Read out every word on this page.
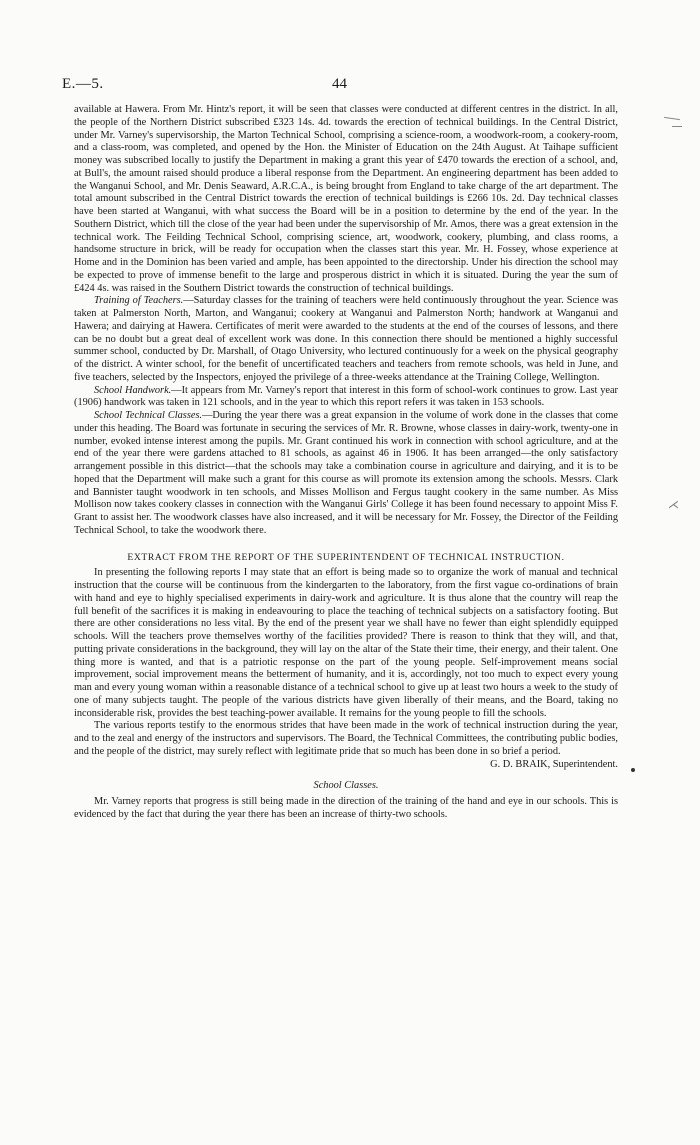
E.—5.	44

available at Hawera. From Mr. Hintz's report, it will be seen that classes were conducted at different centres in the district. In all, the people of the Northern District subscribed £323 14s. 4d. towards the erection of technical buildings. In the Central District, under Mr. Varney's supervisorship, the Marton Technical School, comprising a science-room, a woodwork-room, a cookery-room, and a class-room, was completed, and opened by the Hon. the Minister of Education on the 24th August. At Taihape sufficient money was subscribed locally to justify the Department in making a grant this year of £470 towards the erection of a school, and, at Bull's, the amount raised should produce a liberal response from the Department. An engineering department has been added to the Wanganui School, and Mr. Denis Seaward, A.R.C.A., is being brought from England to take charge of the art department. The total amount subscribed in the Central District towards the erection of technical buildings is £266 10s. 2d. Day technical classes have been started at Wanganui, with what success the Board will be in a position to determine by the end of the year. In the Southern District, which till the close of the year had been under the supervisorship of Mr. Amos, there was a great extension in the technical work. The Feilding Technical School, comprising science, art, woodwork, cookery, plumbing, and class rooms, a handsome structure in brick, will be ready for occupation when the classes start this year. Mr. H. Fossey, whose experience at Home and in the Dominion has been varied and ample, has been appointed to the directorship. Under his direction the school may be expected to prove of immense benefit to the large and prosperous district in which it is situated. During the year the sum of £424 4s. was raised in the Southern District towards the construction of technical buildings.

Training of Teachers.—Saturday classes for the training of teachers were held continuously throughout the year. Science was taken at Palmerston North, Marton, and Wanganui; cookery at Wanganui and Palmerston North; handwork at Wanganui and Hawera; and dairying at Hawera. Certificates of merit were awarded to the students at the end of the courses of lessons, and there can be no doubt but a great deal of excellent work was done. In this connection there should be mentioned a highly successful summer school, conducted by Dr. Marshall, of Otago University, who lectured continuously for a week on the physical geography of the district. A winter school, for the benefit of uncertificated teachers and teachers from remote schools, was held in June, and five teachers, selected by the Inspectors, enjoyed the privilege of a three-weeks attendance at the Training College, Wellington.

School Handwork.—It appears from Mr. Varney's report that interest in this form of school-work continues to grow. Last year (1906) handwork was taken in 121 schools, and in the year to which this report refers it was taken in 153 schools.

School Technical Classes.—During the year there was a great expansion in the volume of work done in the classes that come under this heading. The Board was fortunate in securing the services of Mr. R. Browne, whose classes in dairy-work, twenty-one in number, evoked intense interest among the pupils. Mr. Grant continued his work in connection with school agriculture, and at the end of the year there were gardens attached to 81 schools, as against 46 in 1906. It has been arranged—the only satisfactory arrangement possible in this district—that the schools may take a combination course in agriculture and dairying, and it is to be hoped that the Department will make such a grant for this course as will promote its extension among the schools. Messrs. Clark and Bannister taught woodwork in ten schools, and Misses Mollison and Fergus taught cookery in the same number. As Miss Mollison now takes cookery classes in connection with the Wanganui Girls' College it has been found necessary to appoint Miss F. Grant to assist her. The woodwork classes have also increased, and it will be necessary for Mr. Fossey, the Director of the Feilding Technical School, to take the woodwork there.

EXTRACT FROM THE REPORT OF THE SUPERINTENDENT OF TECHNICAL INSTRUCTION.

In presenting the following reports I may state that an effort is being made so to organize the work of manual and technical instruction that the course will be continuous from the kindergarten to the laboratory, from the first vague co-ordinations of brain with hand and eye to highly specialised experiments in dairy-work and agriculture. It is thus alone that the country will reap the full benefit of the sacrifices it is making in endeavouring to place the teaching of technical subjects on a satisfactory footing. But there are other considerations no less vital. By the end of the present year we shall have no fewer than eight splendidly equipped schools. Will the teachers prove themselves worthy of the facilities provided? There is reason to think that they will, and that, putting private considerations in the background, they will lay on the altar of the State their time, their energy, and their talent. One thing more is wanted, and that is a patriotic response on the part of the young people. Self-improvement means social improvement, social improvement means the betterment of humanity, and it is, accordingly, not too much to expect every young man and every young woman within a reasonable distance of a technical school to give up at least two hours a week to the study of one of many subjects taught. The people of the various districts have given liberally of their means, and the Board, taking no inconsiderable risk, provides the best teaching-power available. It remains for the young people to fill the schools.

The various reports testify to the enormous strides that have been made in the work of technical instruction during the year, and to the zeal and energy of the instructors and supervisors. The Board, the Technical Committees, the contributing public bodies, and the people of the district, may surely reflect with legitimate pride that so much has been done in so brief a period.

G. D. BRAIK, Superintendent.

School Classes.

Mr. Varney reports that progress is still being made in the direction of the training of the hand and eye in our schools. This is evidenced by the fact that during the year there has been an increase of thirty-two schools.

⋌
